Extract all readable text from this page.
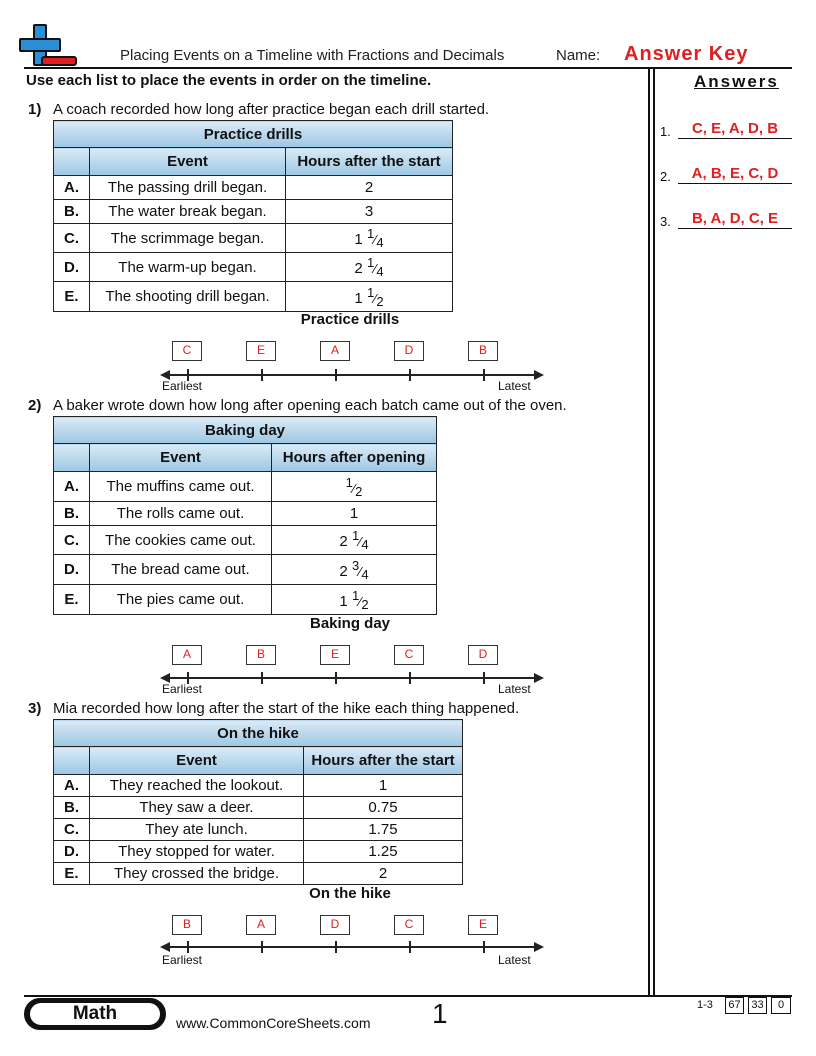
Placing Events on a Timeline with Fractions and Decimals	Name: Answer Key
Use each list to place the events in order on the timeline.	Answers
1.	C, E, A, D, B
2.	A, B, E, C, D
3.	B, A, D, C, E
1) A coach recorded how long after practice began each drill started.
Practice drills		
	Event	Hours after the start
A.	The passing drill began.	2
B.	The water break began.	3
C.	The scrimmage began.	1 $^1⁄_4$
D.	The warm-up began.	2 $^1⁄_4$
E.	The shooting drill began.	1 $^1⁄_2$
Practice drills
C	E	A	D	B
Earliest	Latest
2) A baker wrote down how long after opening each batch came out of the oven.
Baking day		
	Event	Hours after opening
A.	The muffins came out.	$^1⁄_2$
B.	The rolls came out.	1
C.	The cookies came out.	2 $^1⁄_4$
D.	The bread came out.	2 $^3⁄_4$
E.	The pies came out.	1 $^1⁄_2$
Baking day
A	B	E	C	D
Earliest	Latest
3) Mia recorded how long after the start of the hike each thing happened.
On the hike		
	Event	Hours after the start
A.	They reached the lookout.	1
B.	They saw a deer.	0.75
C.	They ate lunch.	1.75
D.	They stopped for water.	1.25
E.	They crossed the bridge.	2
On the hike
B	A	D	C	E
Earliest	Latest
Math	www.CommonCoreSheets.com 1	1-3	67 33	0
